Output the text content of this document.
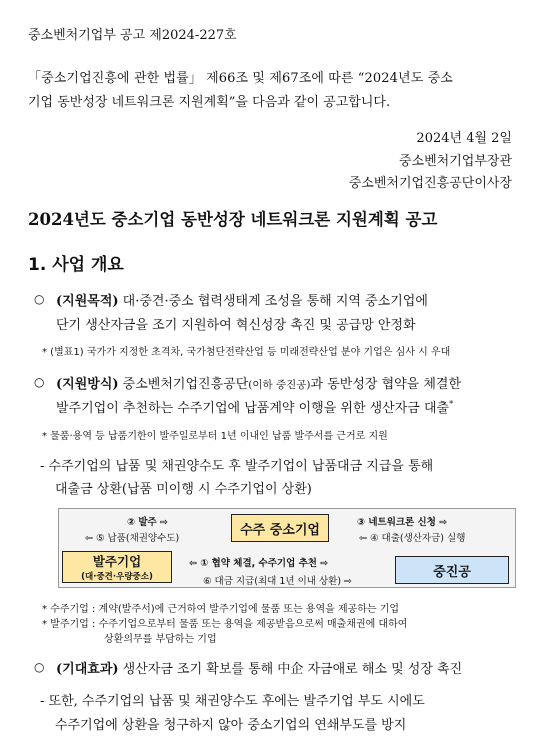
중소벤처기업부 공고 제2024-227호
「중소기업진흥에 관한 법률」 제66조 및 제67조에 따른 “2024년도 중소
기업 동반성장 네트워크론 지원계획”을 다음과 같이 공고합니다.
2024년 4월 2일
중소벤처기업부장관
중소벤처기업진흥공단이사장
2024년도 중소기업 동반성장 네트워크론 지원계획 공고
1. 사업 개요
○ (지원목적) 대·중견·중소 협력생태계 조성을 통해 지역 중소기업에
단기 생산자금을 조기 지원하여 혁신성장 촉진 및 공급망 안정화
* (별표1) 국가가 지정한 초격차, 국가첨단전략산업 등 미래전략산업 분야 기업은 심사 시 우대
○ (지원방식) 중소벤처기업진흥공단(이하 중진공)과 동반성장 협약을 체결한
발주기업이 추천하는 수주기업에 납품계약 이행을 위한 생산자금 대출*
* 물품·용역 등 납품기한이 발주일로부터 1년 이내인 납품 발주서를 근거로 지원
- 수주기업의 납품 및 채권양수도 후 발주기업이 납품대금 지급을 통해
대출금 상환(납품 미이행 시 수주기업이 상환)
수주 중소기업
발주기업
(대·중견·우량중소)	중진공
② 발주 ⇨
⇦ ⑤ 납품(채권양수도)
③ 네트워크론 신청 ⇨
⇦ ④ 대출(생산자금) 실행
⇦ ① 협약 체결, 수주기업 추천 ⇨
⑥ 대금 지급(최대 1년 이내 상환) ⇨
* 수주기업 : 계약(발주서)에 근거하여 발주기업에 물품 또는 용역을 제공하는 기업
* 발주기업 : 수주기업으로부터 물품 또는 용역을 제공받음으로써 매출채권에 대하여
상환의무를 부담하는 기업
○ (기대효과) 생산자금 조기 확보를 통해 中企 자금애로 해소 및 성장 촉진
- 또한, 수주기업의 납품 및 채권양수도 후에는 발주기업 부도 시에도
수주기업에 상환을 청구하지 않아 중소기업의 연쇄부도를 방지
